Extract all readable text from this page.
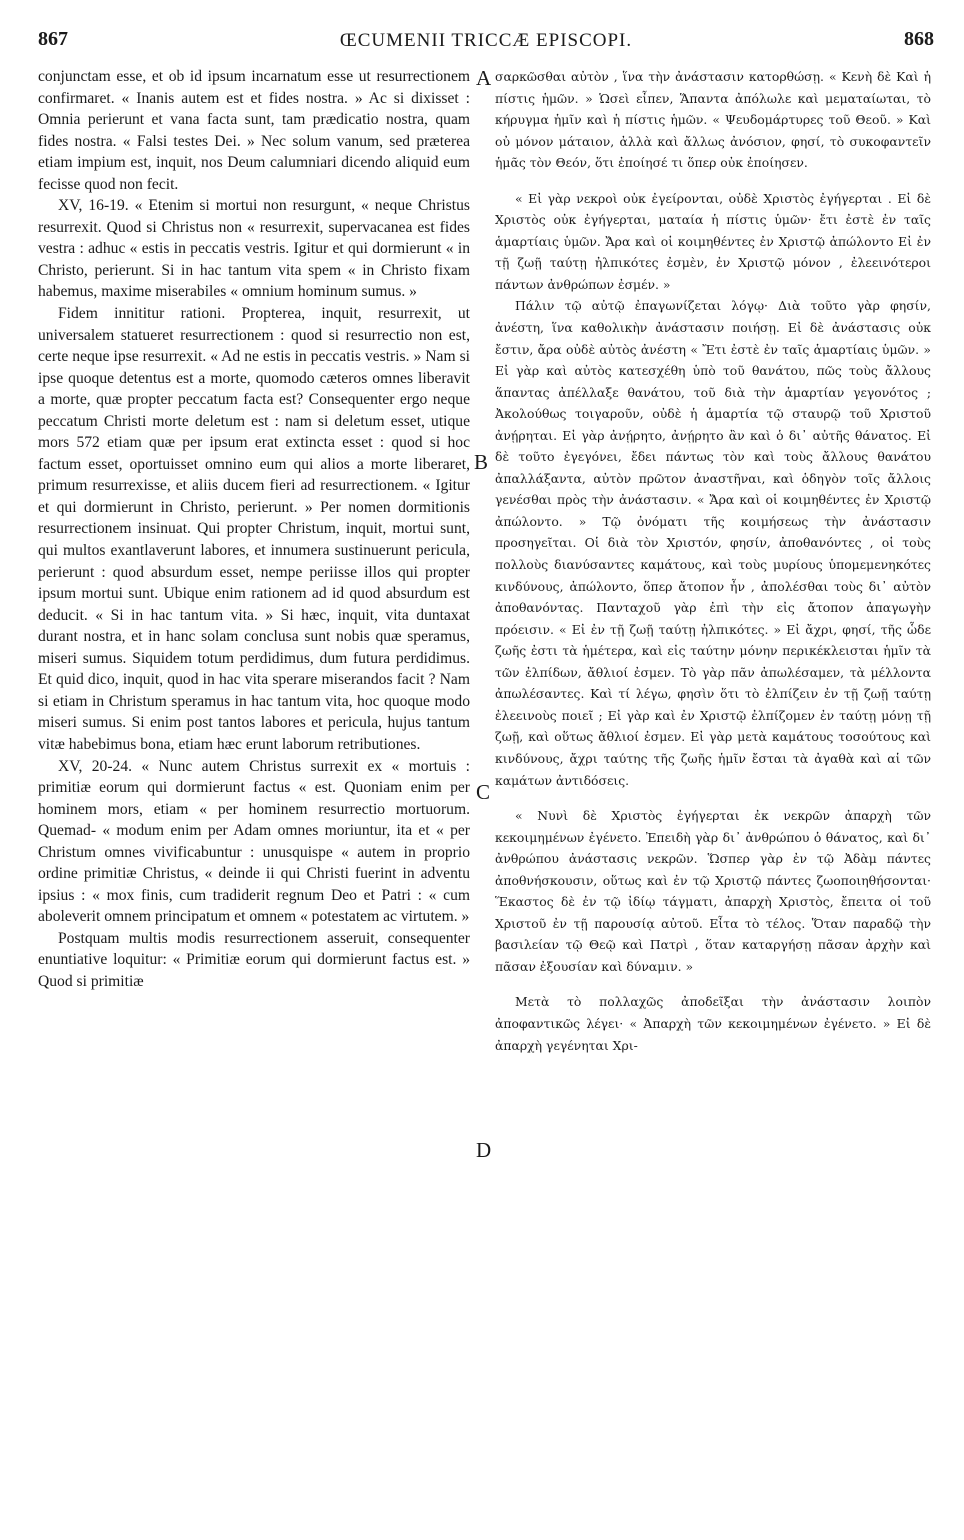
867	ŒCUMENII TRICCÆ EPISCOPI.	868

conjunctam esse, et ob id ipsum incarnatum esse ut resurrectionem confirmaret. « Inanis autem est et fides nostra. » Ac si dixisset : Omnia perierunt et vana facta sunt, tam prædicatio nostra, quam fides nostra. « Falsi testes Dei. » Nec solum vanum, sed præterea etiam impium est, inquit, nos Deum calumniari dicendo aliquid eum fecisse quod non fecit.

XV, 16-19. « Etenim si mortui non resurgunt, « neque Christus resurrexit. Quod si Christus non « resurrexit, supervacanea est fides vestra : adhuc « estis in peccatis vestris. Igitur et qui dormierunt « in Christo, perierunt. Si in hac tantum vita spem « in Christo fixam habemus, maxime miserabiles « omnium hominum sumus. »

Fidem innititur rationi. Propterea, inquit, resurrexit, ut universalem statueret resurrectionem : quod si resurrectio non est, certe neque ipse resurrexit. « Ad ne estis in peccatis vestris. » Nam si ipse quoque detentus est a morte, quomodo cæteros omnes liberavit a morte, quæ propter peccatum facta est? Consequenter ergo neque peccatum Christi morte deletum est : nam si deletum esset, utique mors 572 etiam quæ per ipsum erat extincta esset : quod si hoc factum esset, oportuisset omnino eum qui alios a morte liberaret, primum resurrexisse, et aliis ducem fieri ad resurrectionem. « Igitur et qui dormierunt in Christo, perierunt. » Per nomen dormitionis resurrectionem insinuat. Qui propter Christum, inquit, mortui sunt, qui multos exantlaverunt labores, et innumera sustinuerunt pericula, perierunt : quod absurdum esset, nempe periisse illos qui propter ipsum mortui sunt. Ubique enim rationem ad id quod absurdum est deducit. « Si in hac tantum vita. » Si hæc, inquit, vita duntaxat durant nostra, et in hanc solam conclusa sunt nobis quæ speramus, miseri sumus. Siquidem totum perdidimus, dum futura perdidimus. Et quid dico, inquit, quod in hac vita sperare miserandos facit ? Nam si etiam in Christum speramus in hac tantum vita, hoc quoque modo miseri sumus. Si enim post tantos labores et pericula, hujus tantum vitæ habebimus bona, etiam hæc erunt laborum retributiones.

XV, 20-24. « Nunc autem Christus surrexit ex « mortuis : primitiæ eorum qui dormierunt factus « est. Quoniam enim per hominem mors, etiam « per hominem resurrectio mortuorum. Quemad- « modum enim per Adam omnes moriuntur, ita et « per Christum omnes vivificabuntur : unusquispe « autem in proprio ordine primitiæ Christus, « deinde ii qui Christi fuerint in adventu ipsius : « mox finis, cum tradiderit regnum Deo et Patri : « cum aboleverit omnem principatum et omnem « potestatem ac virtutem. »

Postquam multis modis resurrectionem asseruit, consequenter enuntiative loquitur: « Primitiæ eorum qui dormierunt factus est. » Quod si primitiæ

A
B
C
D

σαρκῶσθαι αὐτὸν , ἵνα τὴν ἀνάστασιν κατορθώσῃ. « Κενὴ δὲ Καὶ ἡ πίστις ἡμῶν. » Ὡσεὶ εἶπεν, Ἅπαντα ἀπόλωλε καὶ μεματαίωται, τὸ κήρυγμα ἡμῖν καὶ ἡ πίστις ἡμῶν. « Ψευδομάρτυρες τοῦ Θεοῦ. » Καὶ οὐ μόνον μάταιον, ἀλλὰ καὶ ἄλλως ἀνόσιον, φησί, τὸ συκοφαντεῖν ἡμᾶς τὸν Θεόν, ὅτι ἐποίησέ τι ὅπερ οὐκ ἐποίησεν.

« Εἰ γὰρ νεκροὶ οὐκ ἐγείρονται, οὐδὲ Χριστὸς ἐγήγερται . Εἰ δὲ Χριστὸς οὐκ ἐγήγερται, ματαία ἡ πίστις ὑμῶν· ἔτι ἐστὲ ἐν ταῖς ἁμαρτίαις ὑμῶν. Ἄρα καὶ οἱ κοιμηθέντες ἐν Χριστῷ ἀπώλοντο Εἰ ἐν τῇ ζωῇ ταύτῃ ἠλπικότες ἐσμὲν, ἐν Χριστῷ μόνον , ἐλεεινότεροι πάντων ἀνθρώπων ἐσμέν. »

Πάλιν τῷ αὐτῷ ἐπαγωνίζεται λόγῳ· Διὰ τοῦτο γὰρ φησίν, ἀνέστη, ἵνα καθολικὴν ἀνάστασιν ποιήσῃ. Εἰ δὲ ἀνάστασις οὐκ ἔστιν, ἄρα οὐδὲ αὐτὸς ἀνέστη « Ἔτι ἐστὲ ἐν ταῖς ἁμαρτίαις ὑμῶν. » Εἰ γὰρ καὶ αὐτὸς κατεσχέθη ὑπὸ τοῦ θανάτου, πῶς τοὺς ἄλλους ἅπαντας ἀπέλλαξε θανάτου, τοῦ διὰ τὴν ἁμαρτίαν γεγονότος ; Ἀκολούθως τοιγαροῦν, οὐδὲ ἡ ἁμαρτία τῷ σταυρῷ τοῦ Χριστοῦ ἀνῄρηται. Εἰ γὰρ ἀνῄρητο, ἀνῄρητο ἂν καὶ ὁ δι᾽ αὐτῆς θάνατος. Εἰ δὲ τοῦτο ἐγεγόνει, ἔδει πάντως τὸν καὶ τοὺς ἄλλους θανάτου ἀπαλλάξαντα, αὐτὸν πρῶτον ἀναστῆναι, καὶ ὁδηγὸν τοῖς ἄλλοις γενέσθαι πρὸς τὴν ἀνάστασιν. « Ἄρα καὶ οἱ κοιμηθέντες ἐν Χριστῷ ἀπώλοντο. » Τῷ ὀνόματι τῆς κοιμήσεως τὴν ἀνάστασιν προσηγεῖται. Οἱ διὰ τὸν Χριστόν, φησίν, ἀποθανόντες , οἱ τοὺς πολλοὺς διανύσαντες καμάτους, καὶ τοὺς μυρίους ὑπομεμενηκότες κινδύνους, ἀπώλοντο, ὅπερ ἄτοπον ἦν , ἀπολέσθαι τοὺς δι᾽ αὐτὸν ἀποθανόντας. Πανταχοῦ γὰρ ἐπὶ τὴν εἰς ἄτοπον ἀπαγωγὴν πρόεισιν. « Εἰ ἐν τῇ ζωῇ ταύτῃ ἠλπικότες. » Εἰ ἄχρι, φησί, τῆς ὧδε ζωῆς ἐστι τὰ ἡμέτερα, καὶ εἰς ταύτην μόνην περικέκλεισται ἡμῖν τὰ τῶν ἐλπίδων, ἄθλιοί ἐσμεν. Τὸ γὰρ πᾶν ἀπωλέσαμεν, τὰ μέλλοντα ἀπωλέσαντες. Καὶ τί λέγω, φησὶν ὅτι τὸ ἐλπίζειν ἐν τῇ ζωῇ ταύτῃ ἐλεεινοὺς ποιεῖ ; Εἰ γὰρ καὶ ἐν Χριστῷ ἐλπίζομεν ἐν ταύτῃ μόνῃ τῇ ζωῇ, καὶ οὕτως ἄθλιοί ἐσμεν. Εἰ γὰρ μετὰ καμάτους τοσούτους καὶ κινδύνους, ἄχρι ταύτης τῆς ζωῆς ἡμῖν ἔσται τὰ ἀγαθὰ καὶ αἱ τῶν καμάτων ἀντιδόσεις.

« Νυνὶ δὲ Χριστὸς ἐγήγερται ἐκ νεκρῶν ἀπαρχὴ τῶν κεκοιμημένων ἐγένετο. Ἐπειδὴ γὰρ δι᾽ ἀνθρώπου ὁ θάνατος, καὶ δι᾽ ἀνθρώπου ἀνάστασις νεκρῶν. Ὥσπερ γὰρ ἐν τῷ Ἀδὰμ πάντες ἀποθνήσκουσιν, οὕτως καὶ ἐν τῷ Χριστῷ πάντες ζωοποιηθήσονται· Ἕκαστος δὲ ἐν τῷ ἰδίῳ τάγματι, ἀπαρχὴ Χριστὸς, ἔπειτα οἱ τοῦ Χριστοῦ ἐν τῇ παρουσίᾳ αὐτοῦ. Εἶτα τὸ τέλος. Ὅταν παραδῷ τὴν βασιλείαν τῷ Θεῷ καὶ Πατρὶ , ὅταν καταργήσῃ πᾶσαν ἀρχὴν καὶ πᾶσαν ἐξουσίαν καὶ δύναμιν. »

Μετὰ τὸ πολλαχῶς ἀποδεῖξαι τὴν ἀνάστασιν λοιπὸν ἀποφαντικῶς λέγει· « Ἀπαρχὴ τῶν κεκοιμημένων ἐγένετο. » Εἰ δὲ ἀπαρχὴ γεγένηται Χρι-
